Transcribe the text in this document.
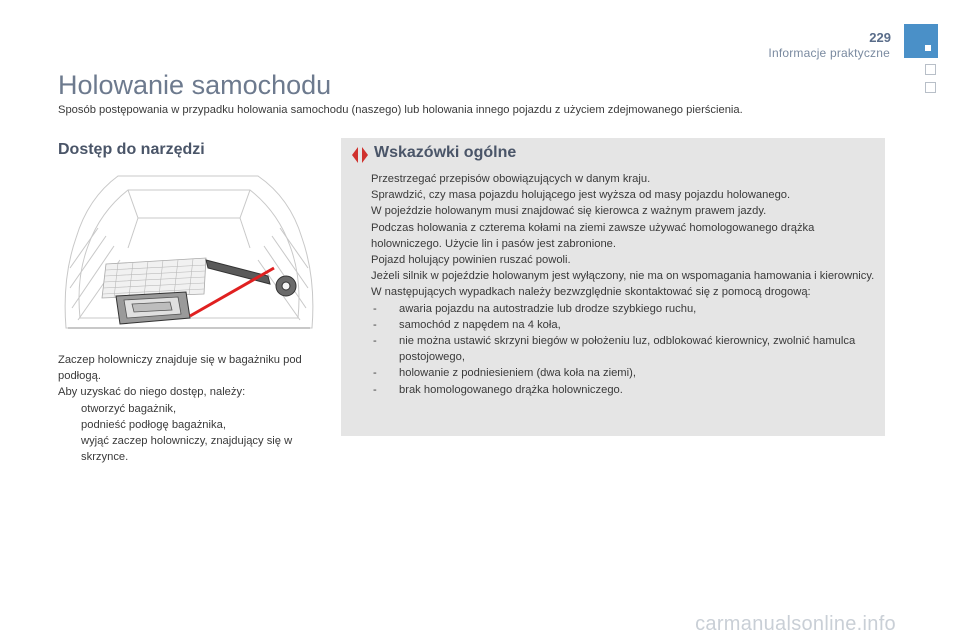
229
Informacje praktyczne
Holowanie samochodu
Sposób postępowania w przypadku holowania samochodu (naszego) lub holowania innego pojazdu z użyciem zdejmowanego pierścienia.
Dostęp do narzędzi
Zaczep holowniczy znajduje się w bagażniku pod podłogą.
Aby uzyskać do niego dostęp, należy:
otworzyć bagażnik,
podnieść podłogę bagażnika,
wyjąć zaczep holowniczy, znajdujący się w skrzynce.
Wskazówki ogólne
Przestrzegać przepisów obowiązujących w danym kraju.
Sprawdzić, czy masa pojazdu holującego jest wyższa od masy pojazdu holowanego.
W pojeździe holowanym musi znajdować się kierowca z ważnym prawem jazdy.
Podczas holowania z czterema kołami na ziemi zawsze używać homologowanego drążka holowniczego. Użycie lin i pasów jest zabronione.
Pojazd holujący powinien ruszać powoli.
Jeżeli silnik w pojeździe holowanym jest wyłączony, nie ma on wspomagania hamowania i kierownicy.
W następujących wypadkach należy bezwzględnie skontaktować się z pomocą drogową:
- awaria pojazdu na autostradzie lub drodze szybkiego ruchu,
- samochód z napędem na 4 koła,
- nie można ustawić skrzyni biegów w położeniu luz, odblokować kierownicy, zwolnić hamulca postojowego,
- holowanie z podniesieniem (dwa koła na ziemi),
- brak homologowanego drążka holowniczego.
carmanualsonline.info
